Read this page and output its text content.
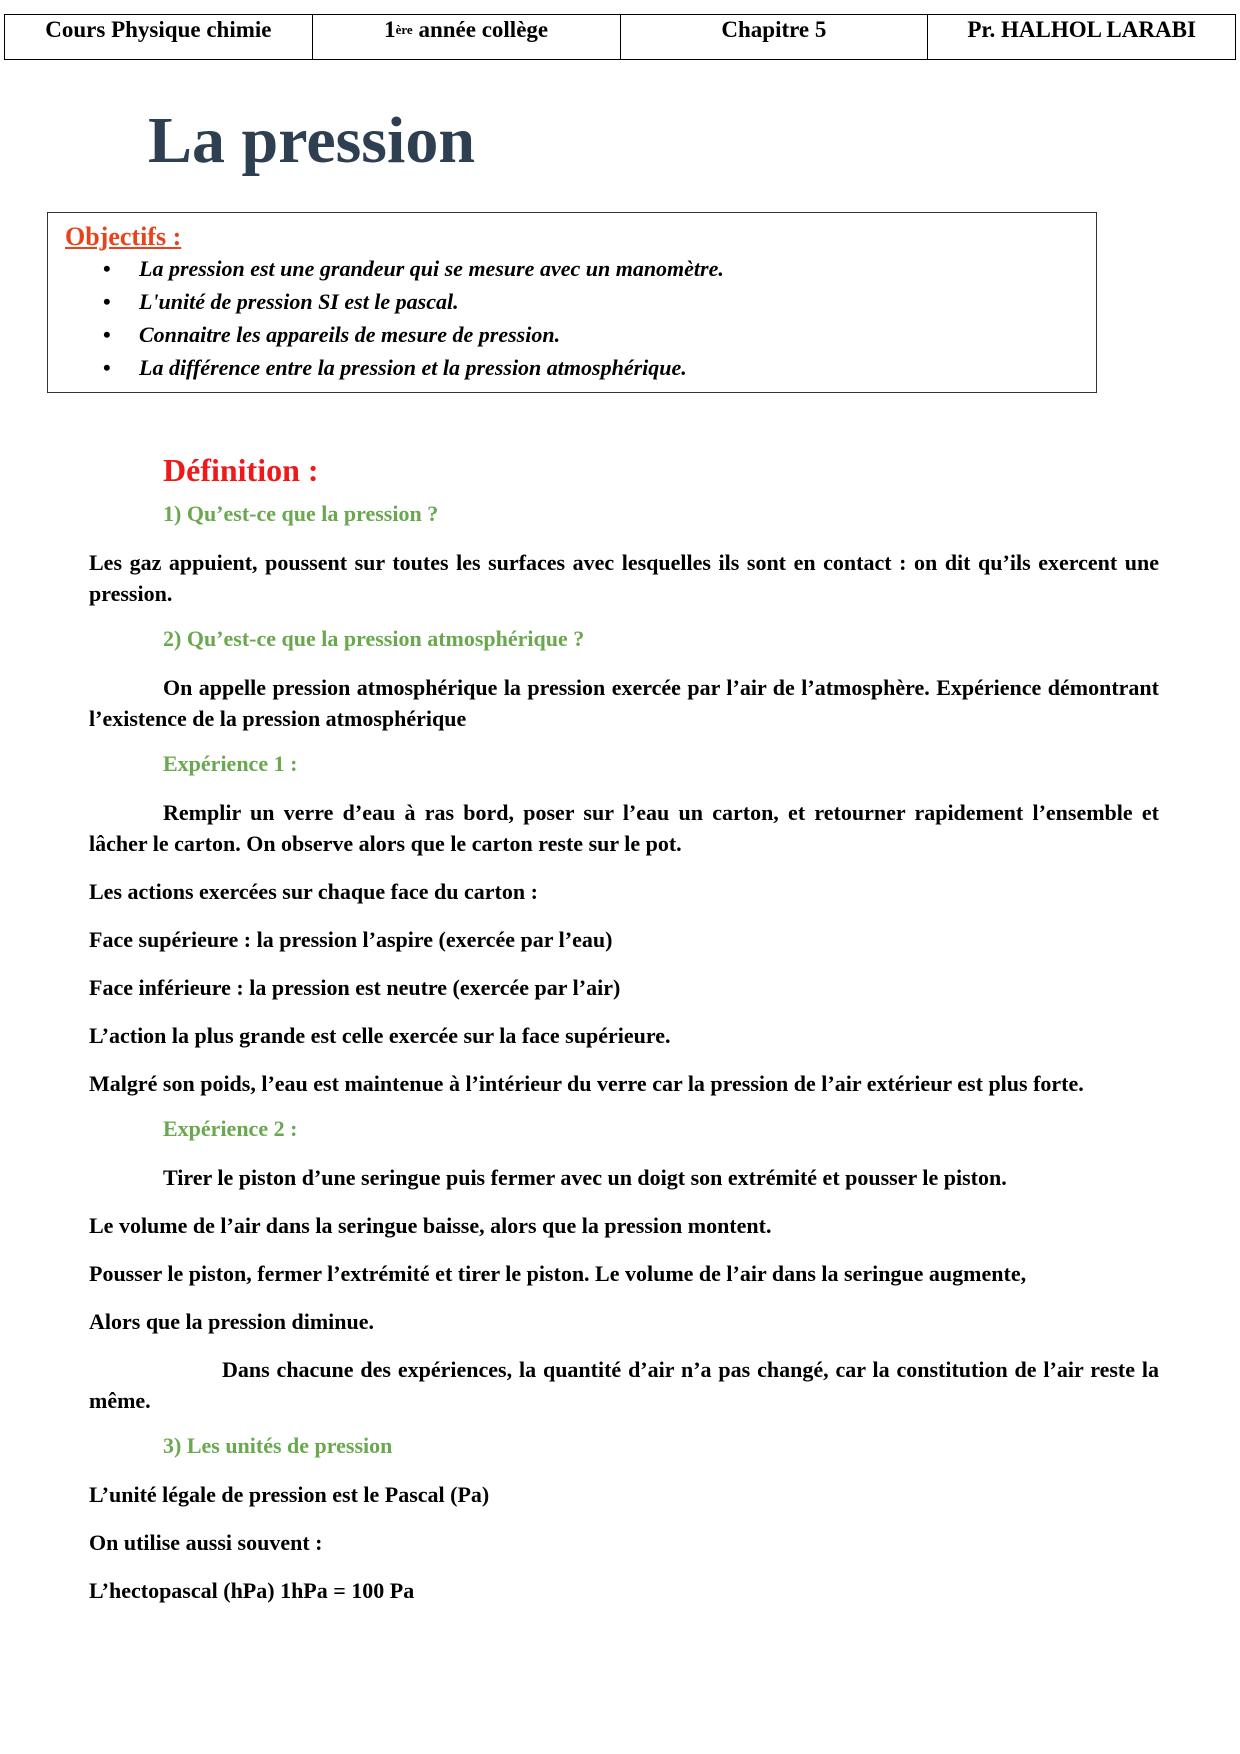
Cours Physique chimie	1 ère année collège	Chapitre 5	Pr. HALHOL LARABI
La pression
Objectifs :
• La pression est une grandeur qui se mesure avec un manomètre.
• L'unité de pression SI est le pascal.
• Connaitre les appareils de mesure de pression.
• La différence entre la pression et la pression atmosphérique.
Définition :
1) Qu’est-ce que la pression ?

Les gaz appuient, poussent sur toutes les surfaces avec lesquelles ils sont en contact : on dit qu’ils exercent une pression.

2) Qu’est-ce que la pression atmosphérique ?

On appelle pression atmosphérique la pression exercée par l’air de l’atmosphère. Expérience démontrant l’existence de la pression atmosphérique

Expérience 1 :

Remplir un verre d’eau à ras bord, poser sur l’eau un carton, et retourner rapidement l’ensemble et lâcher le carton. On observe alors que le carton reste sur le pot.

Les actions exercées sur chaque face du carton :

Face supérieure : la pression l’aspire (exercée par l’eau)

Face inférieure : la pression est neutre (exercée par l’air)

L’action la plus grande est celle exercée sur la face supérieure.

Malgré son poids, l’eau est maintenue à l’intérieur du verre car la pression de l’air extérieur est plus forte.

Expérience 2 :

Tirer le piston d’une seringue puis fermer avec un doigt son extrémité et pousser le piston.

Le volume de l’air dans la seringue baisse, alors que la pression montent.

Pousser le piston, fermer l’extrémité et tirer le piston. Le volume de l’air dans la seringue augmente,

Alors que la pression diminue.

Dans chacune des expériences, la quantité d’air n’a pas changé, car la constitution de l’air reste la même.

3) Les unités de pression

L’unité légale de pression est le Pascal (Pa)

On utilise aussi souvent :

L’hectopascal (hPa) 1hPa = 100 Pa
